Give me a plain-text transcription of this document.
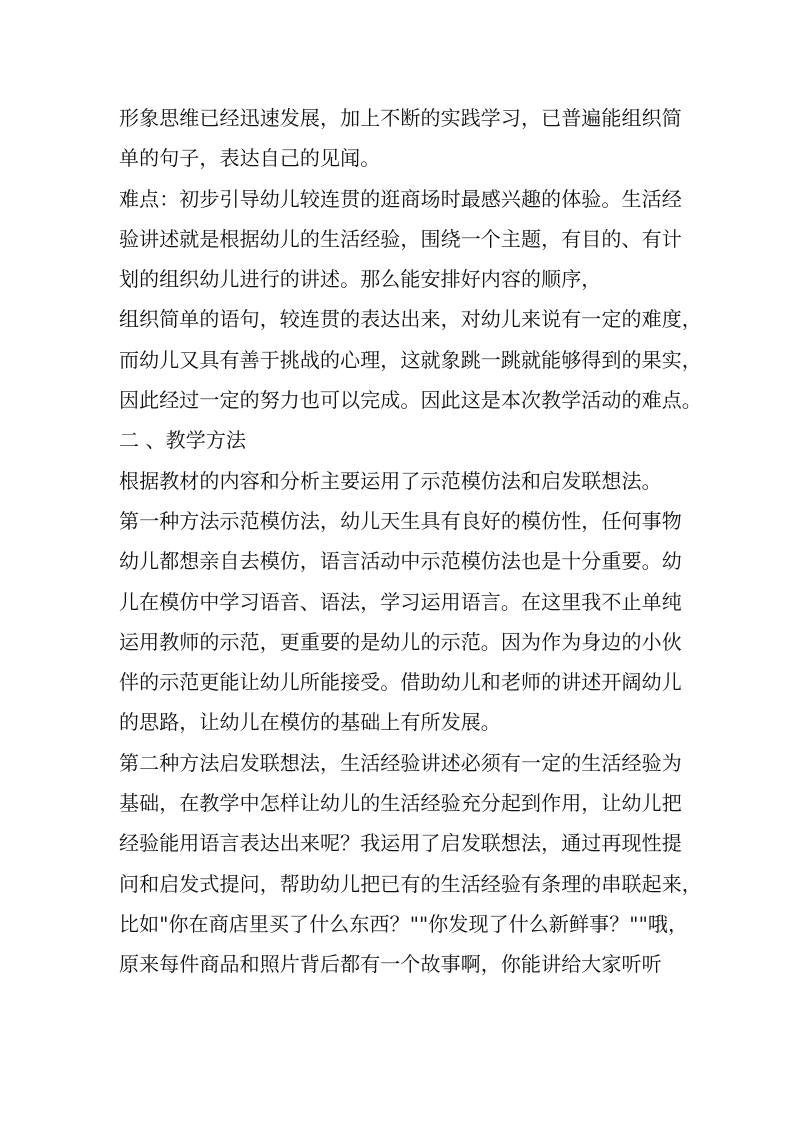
形象思维已经迅速发展，加上不断的实践学习，已普遍能组织简
单的句子，表达自己的见闻。
难点：初步引导幼儿较连贯的逛商场时最感兴趣的体验。生活经
验讲述就是根据幼儿的生活经验，围绕一个主题，有目的、有计
划的组织幼儿进行的讲述。那么能安排好内容的顺序，
组织简单的语句，较连贯的表达出来，对幼儿来说有一定的难度，
而幼儿又具有善于挑战的心理，这就象跳一跳就能够得到的果实，
因此经过一定的努力也可以完成。因此这是本次教学活动的难点。
二 、教学方法
根据教材的内容和分析主要运用了示范模仿法和启发联想法。
第一种方法示范模仿法，幼儿天生具有良好的模仿性，任何事物
幼儿都想亲自去模仿，语言活动中示范模仿法也是十分重要。幼
儿在模仿中学习语音、语法，学习运用语言。在这里我不止单纯
运用教师的示范，更重要的是幼儿的示范。因为作为身边的小伙
伴的示范更能让幼儿所能接受。借助幼儿和老师的讲述开阔幼儿
的思路，让幼儿在模仿的基础上有所发展。
第二种方法启发联想法，生活经验讲述必须有一定的生活经验为
基础，在教学中怎样让幼儿的生活经验充分起到作用，让幼儿把
经验能用语言表达出来呢？我运用了启发联想法，通过再现性提
问和启发式提问，帮助幼儿把已有的生活经验有条理的串联起来，
比如"你在商店里买了什么东西？""你发现了什么新鲜事？""哦，
原来每件商品和照片背后都有一个故事啊，你能讲给大家听听
